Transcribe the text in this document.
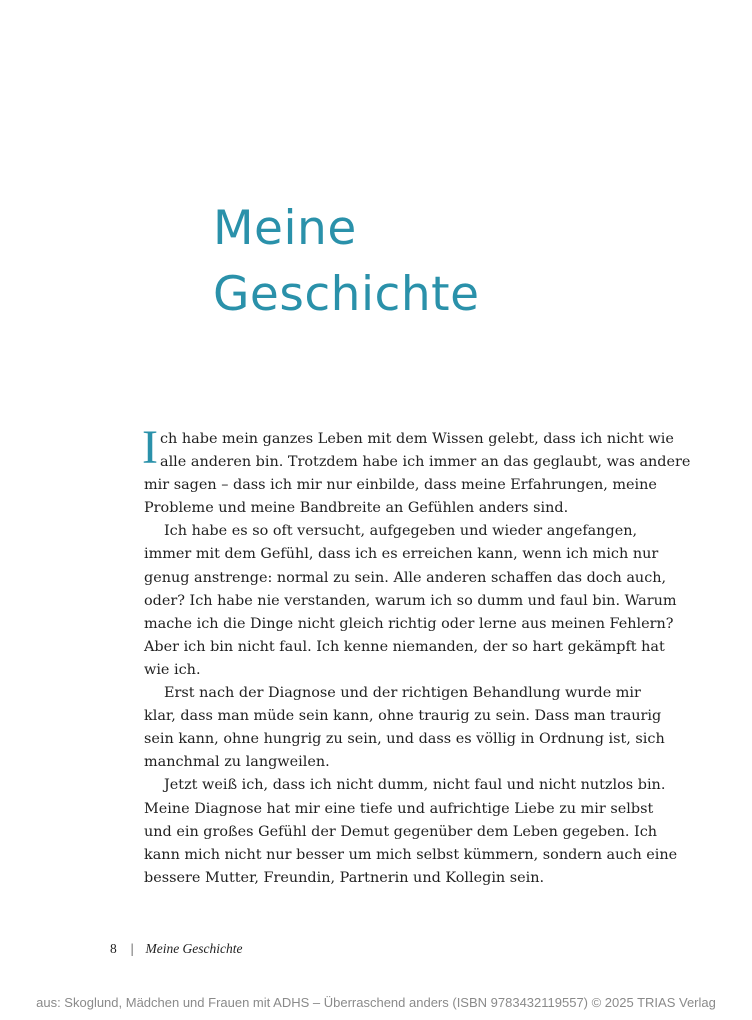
Meine
Geschichte

I ch habe mein ganzes Leben mit dem Wissen gelebt, dass ich nicht wie
alle anderen bin. Trotzdem habe ich immer an das geglaubt, was andere
mir sagen – dass ich mir nur einbilde, dass meine Erfahrungen, meine
Probleme und meine Bandbreite an Gefühlen anders sind.

Ich habe es so oft versucht, aufgegeben und wieder angefangen,
immer mit dem Gefühl, dass ich es erreichen kann, wenn ich mich nur
genug anstrenge: normal zu sein. Alle anderen schaffen das doch auch,
oder? Ich habe nie verstanden, warum ich so dumm und faul bin. Warum
mache ich die Dinge nicht gleich richtig oder lerne aus meinen Fehlern?
Aber ich bin nicht faul. Ich kenne niemanden, der so hart gekämpft hat
wie ich.

Erst nach der Diagnose und der richtigen Behandlung wurde mir
klar, dass man müde sein kann, ohne traurig zu sein. Dass man traurig
sein kann, ohne hungrig zu sein, und dass es völlig in Ordnung ist, sich
manchmal zu langweilen.

Jetzt weiß ich, dass ich nicht dumm, nicht faul und nicht nutzlos bin.
Meine Diagnose hat mir eine tiefe und aufrichtige Liebe zu mir selbst
und ein großes Gefühl der Demut gegenüber dem Leben gegeben. Ich
kann mich nicht nur besser um mich selbst kümmern, sondern auch eine
bessere Mutter, Freundin, Partnerin und Kollegin sein.

8 | Meine Geschichte
aus: Skoglund, Mädchen und Frauen mit ADHS – Überraschend anders (ISBN 9783432119557) © 2025 TRIAS Verlag
